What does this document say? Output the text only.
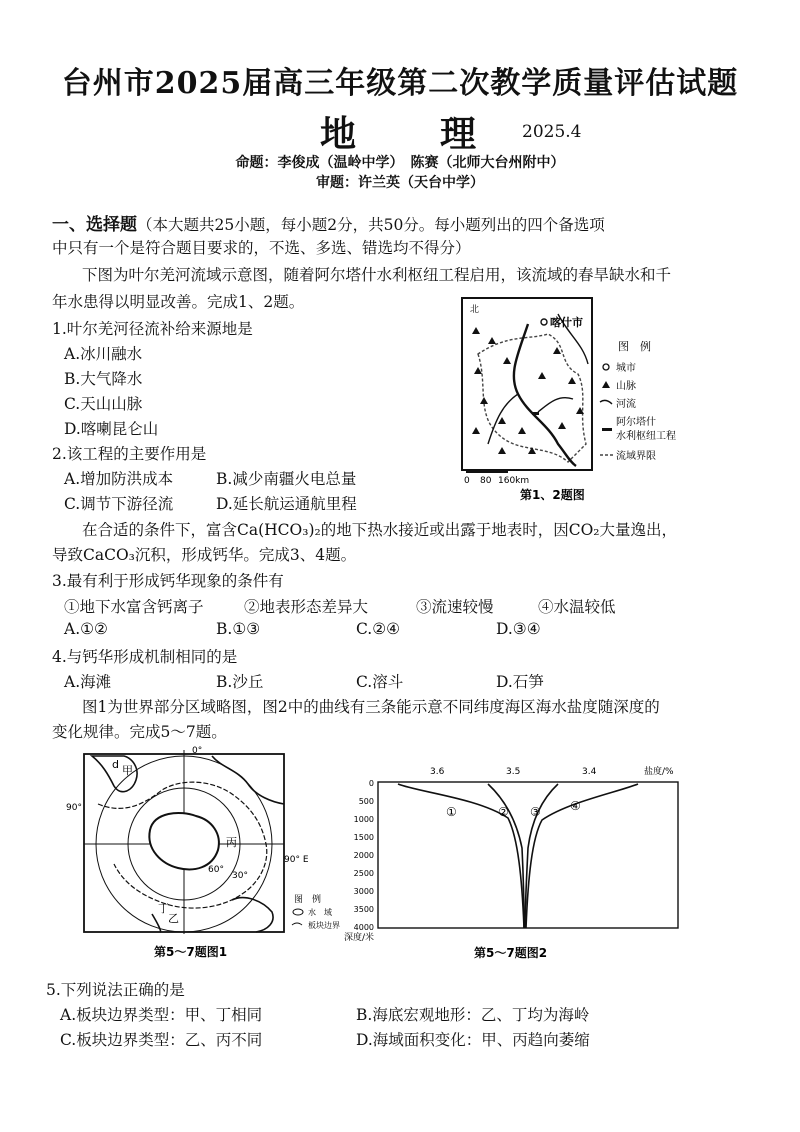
台州市2025届高三年级第二次教学质量评估试题
地　　理	2025.4
命题：李俊成（温岭中学）　陈赛（北师大台州附中）
审题：许兰英（天台中学）
一、选择题（本大题共25小题，每小题2分，共50分。每小题列出的四个备选项
中只有一个是符合题目要求的，不选、多选、错选均不得分）
下图为叶尔羌河流域示意图，随着阿尔塔什水利枢纽工程启用，该流域的春旱缺水和千
年水患得以明显改善。完成1、2题。
1.叶尔羌河径流补给来源地是
A.冰川融水
B.大气降水
C.天山山脉
D.喀喇昆仑山
2.该工程的主要作用是
A.增加防洪成本	B.减少南疆火电总量
C.调节下游径流	D.延长航运通航里程
北
喀什市
0 80 160km
图　例
城市
山脉
河流
阿尔塔什
水利枢纽工程
流域界限
第1、2题图
在合适的条件下，富含Ca(HCO₃)₂的地下热水接近或出露于地表时，因CO₂大量逸出，
导致CaCO₃沉积，形成钙华。完成3、4题。
3.最有利于形成钙华现象的条件有
①地下水富含钙离子	②地表形态差异大	③流速较慢	④水温较低
A.①②	B.①③	C.②④	D.③④
4.与钙华形成机制相同的是
A.海滩	B.沙丘	C.溶斗	D.石笋
图1为世界部分区域略图，图2中的曲线有三条能示意不同纬度海区海水盐度随深度的
变化规律。完成5～7题。
d 甲
乙
丙
丁
0°
90°
90° E
60°
30°
图　例
水　域
板块边界
第5～7题图1
3.6	3.5	3.4	盐度/%
0
500
1000
1500
2000
2500
3000
3500
4000
深度/米
①	② ③ ④
第5～7题图2
5.下列说法正确的是
A.板块边界类型：甲、丁相同	B.海底宏观地形：乙、丁均为海岭
C.板块边界类型：乙、丙不同	D.海域面积变化：甲、丙趋向萎缩
